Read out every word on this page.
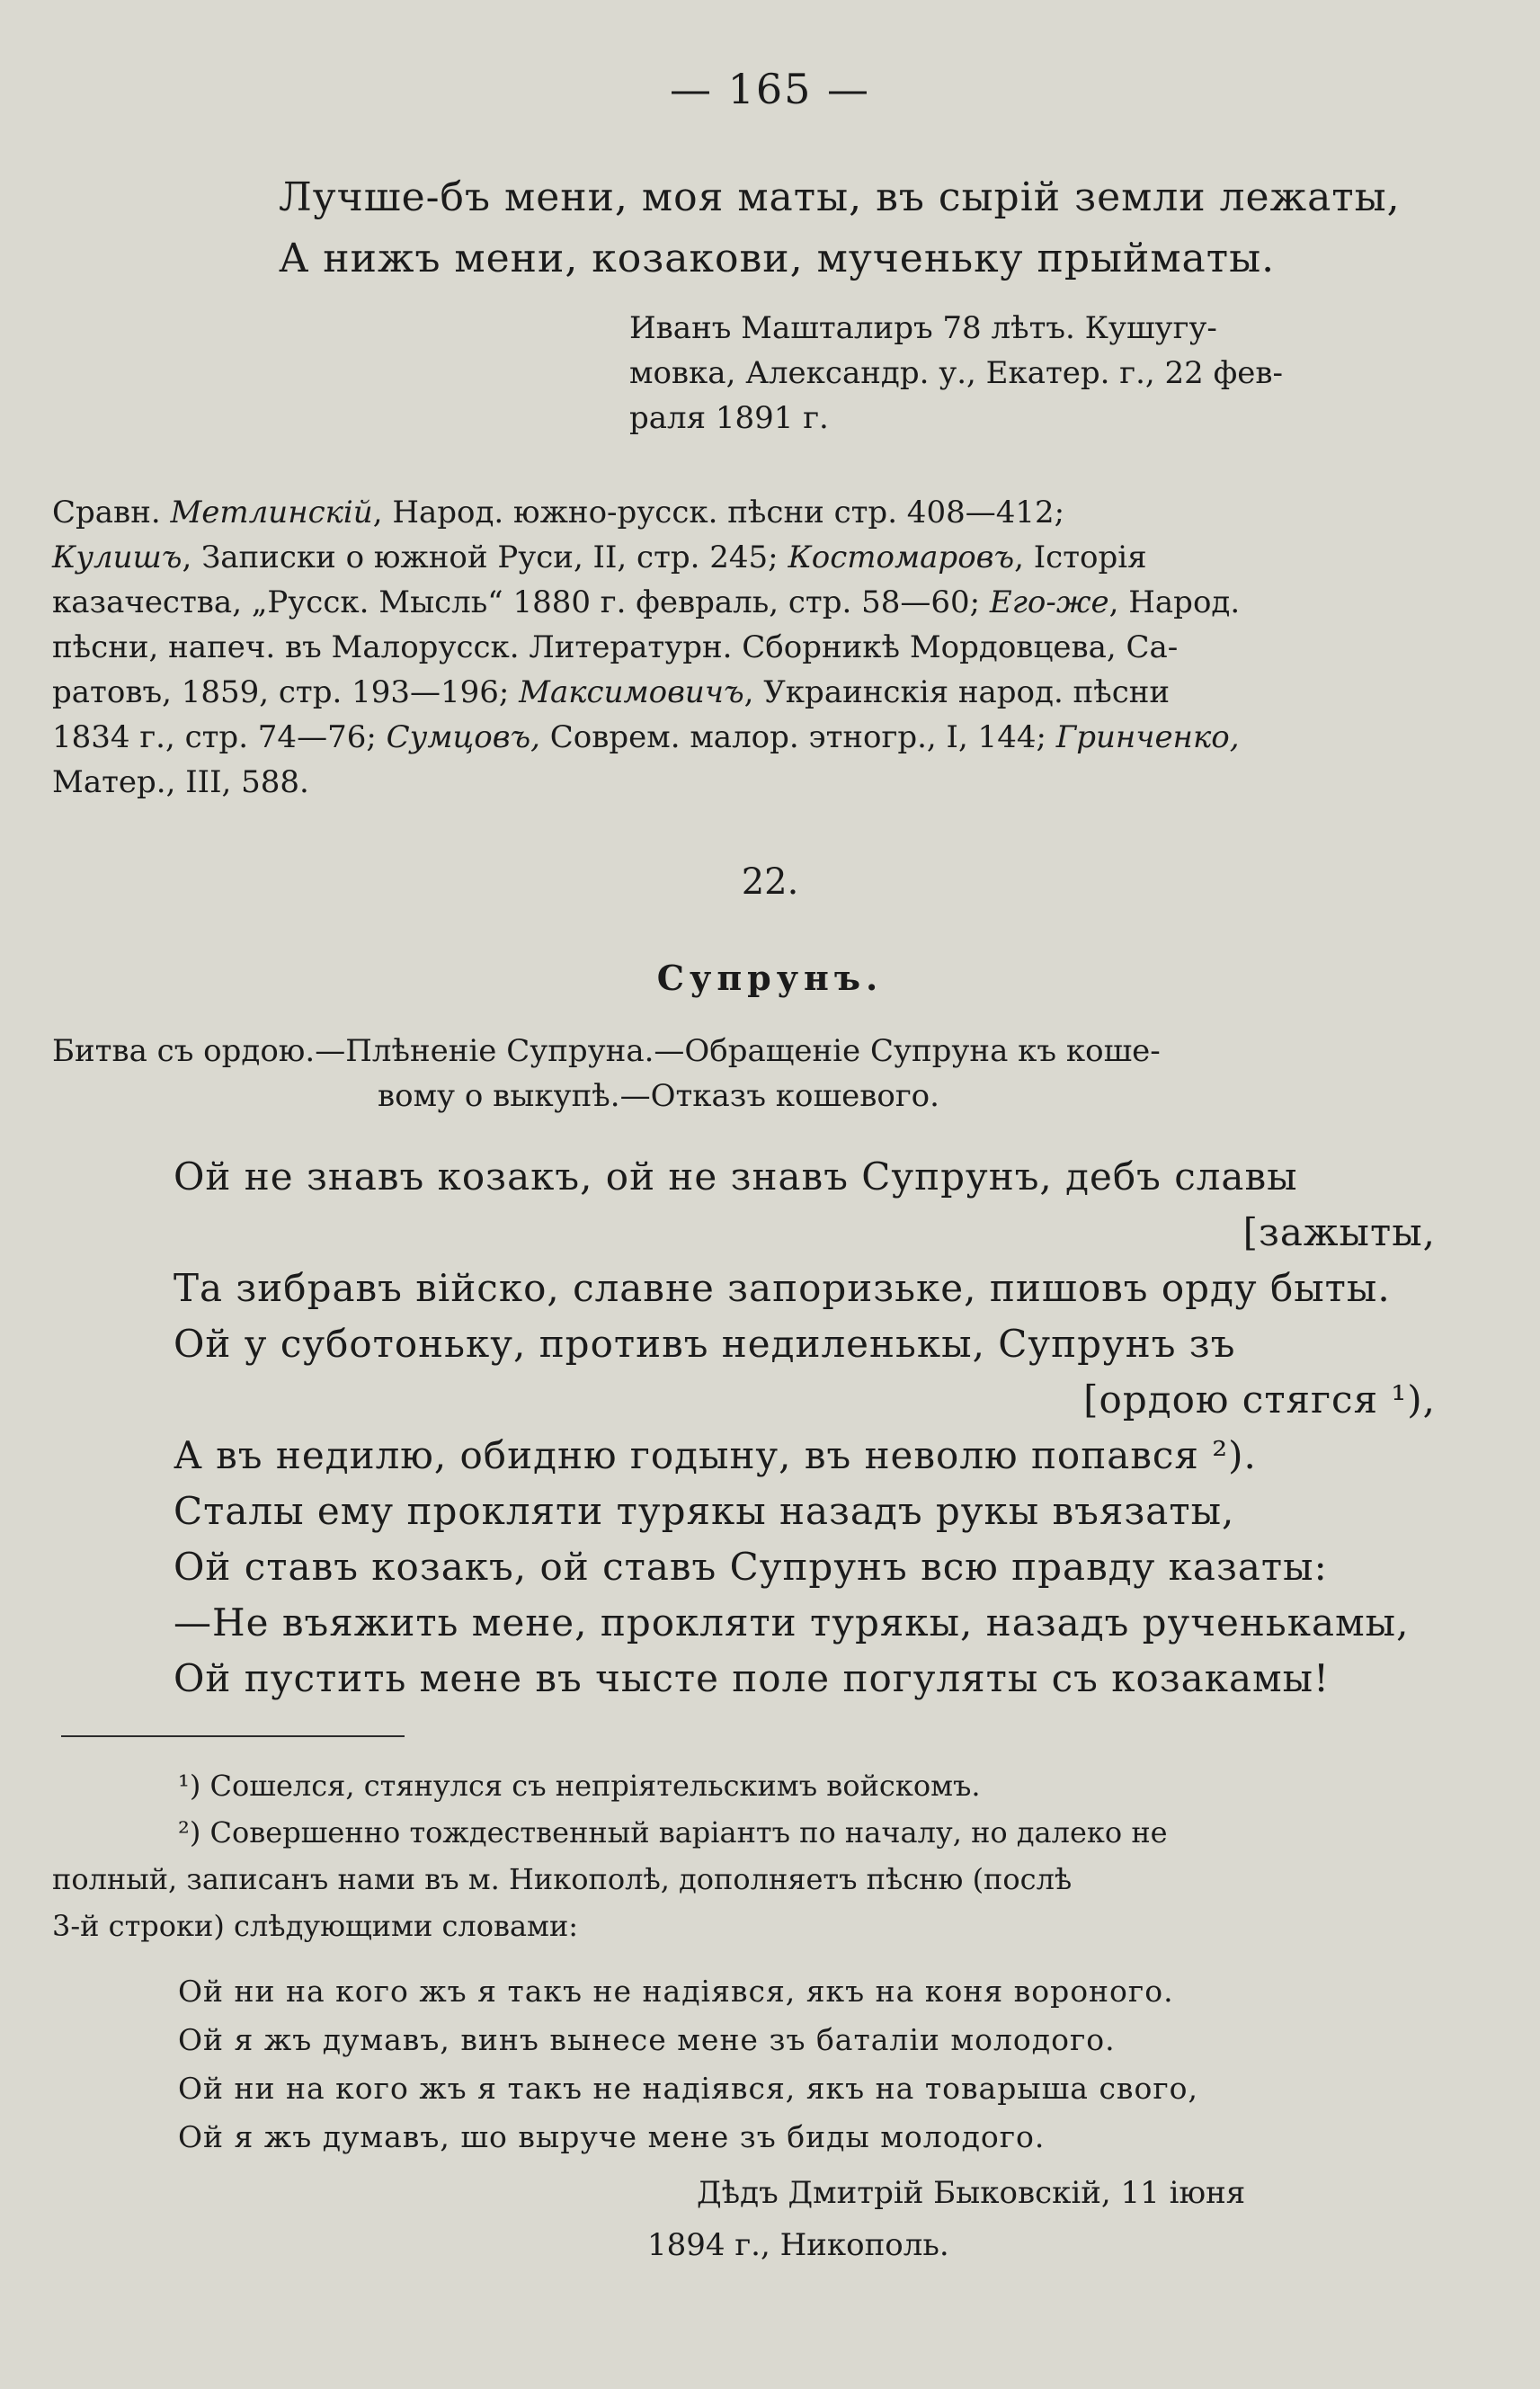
— 165 —
Лучше-бъ мени, моя маты, въ сырій земли лежаты,
А нижъ мени, козакови, мученьку прыйматы.
Иванъ Машталиръ 78 лѣтъ. Кушугу-
мовка, Александр. у., Екатер. г., 22 фев-
раля 1891 г.
Сравн. Метлинскій, Народ. южно-русск. пѣсни стр. 408—412;
Кулишъ, Записки о южной Руси, II, стр. 245; Костомаровъ, Історія
казачества, „Русск. Мысль“ 1880 г. февраль, стр. 58—60; Его-же, Народ.
пѣсни, напеч. въ Малорусск. Литературн. Сборникѣ Мордовцева, Са-
ратовъ, 1859, стр. 193—196; Максимовичъ, Украинскія народ. пѣсни
1834 г., стр. 74—76; Сумцовъ, Соврем. малор. этногр., I, 144; Гринченко,
Матер., III, 588.
22.
Супрунъ.
Битва съ ордою.—Плѣненіе Супруна.—Обращеніе Супруна къ коше-
вому о выкупѣ.—Отказъ кошевого.
Ой не знавъ козакъ, ой не знавъ Супрунъ, дебъ славы
[зажыты,
Та зибравъ війско, славне запоризьке, пишовъ орду быты.
Ой у суботоньку, противъ недиленькы, Супрунъ зъ
[ордою стягся ¹),
А въ недилю, обидню годыну, въ неволю попався ²).
Сталы ему прокляти турякы назадъ рукы въязаты,
Ой ставъ козакъ, ой ставъ Супрунъ всю правду казаты:
—Не въяжить мене, прокляти турякы, назадъ рученькамы,
Ой пустить мене въ чысте поле погуляты съ козакамы!
¹) Сошелся, стянулся съ непріятельскимъ войскомъ.
²) Совершенно тождественный варіантъ по началу, но далеко не
полный, записанъ нами въ м. Никополѣ, дополняетъ пѣсню (послѣ
3-й строки) слѣдующими словами:
Ой ни на кого жъ я такъ не надіявся, якъ на коня вороного.
Ой я жъ думавъ, винъ вынесе мене зъ баталіи молодого.
Ой ни на кого жъ я такъ не надіявся, якъ на товарыша свого,
Ой я жъ думавъ, шо выруче мене зъ биды молодого.
Дѣдъ Дмитрій Быковскій, 11 іюня
1894 г., Никополь.
